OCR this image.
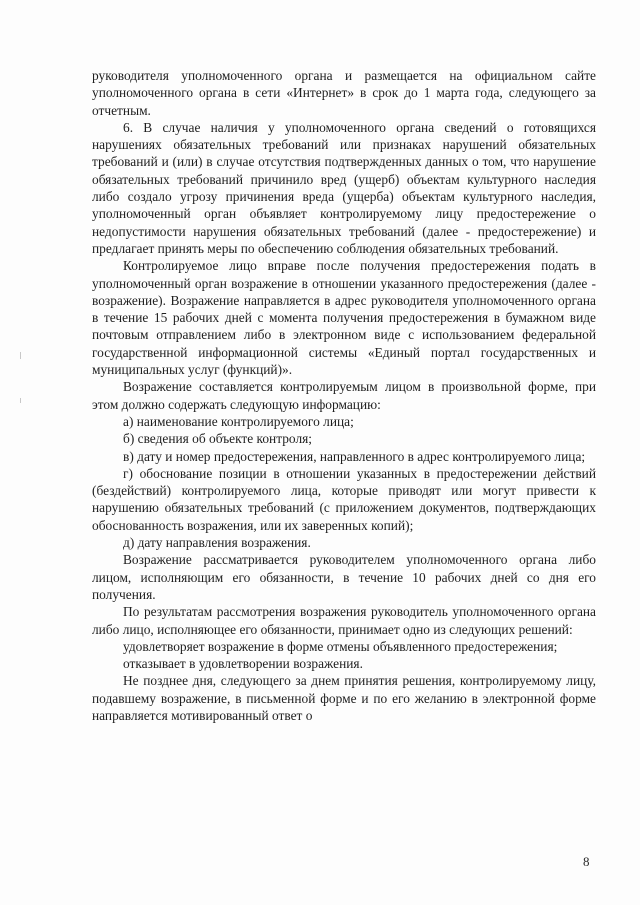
руководителя уполномоченного органа и размещается на официальном сайте уполномоченного органа в сети «Интернет» в срок до 1 марта года, следующего за отчетным.

6. В случае наличия у уполномоченного органа сведений о готовящихся нарушениях обязательных требований или признаках нарушений обязательных требований и (или) в случае отсутствия подтвержденных данных о том, что нарушение обязательных требований причинило вред (ущерб) объектам культурного наследия либо создало угрозу причинения вреда (ущерба) объектам культурного наследия, уполномоченный орган объявляет контролируемому лицу предостережение о недопустимости нарушения обязательных требований (далее - предостережение) и предлагает принять меры по обеспечению соблюдения обязательных требований.

Контролируемое лицо вправе после получения предостережения подать в уполномоченный орган возражение в отношении указанного предостережения (далее - возражение). Возражение направляется в адрес руководителя уполномоченного органа в течение 15 рабочих дней с момента получения предостережения в бумажном виде почтовым отправлением либо в электронном виде с использованием федеральной государственной информационной системы «Единый портал государственных и муниципальных услуг (функций)».

Возражение составляется контролируемым лицом в произвольной форме, при этом должно содержать следующую информацию:

а) наименование контролируемого лица;

б) сведения об объекте контроля;

в) дату и номер предостережения, направленного в адрес контролируемого лица;

г) обоснование позиции в отношении указанных в предостережении действий (бездействий) контролируемого лица, которые приводят или могут привести к нарушению обязательных требований (с приложением документов, подтверждающих обоснованность возражения, или их заверенных копий);

д) дату направления возражения.

Возражение рассматривается руководителем уполномоченного органа либо лицом, исполняющим его обязанности, в течение 10 рабочих дней со дня его получения.

По результатам рассмотрения возражения руководитель уполномоченного органа либо лицо, исполняющее его обязанности, принимает одно из следующих решений:

удовлетворяет возражение в форме отмены объявленного предостережения;

отказывает в удовлетворении возражения.

Не позднее дня, следующего за днем принятия решения, контролируемому лицу, подавшему возражение, в письменной форме и по его желанию в электронной форме направляется мотивированный ответ о

8
